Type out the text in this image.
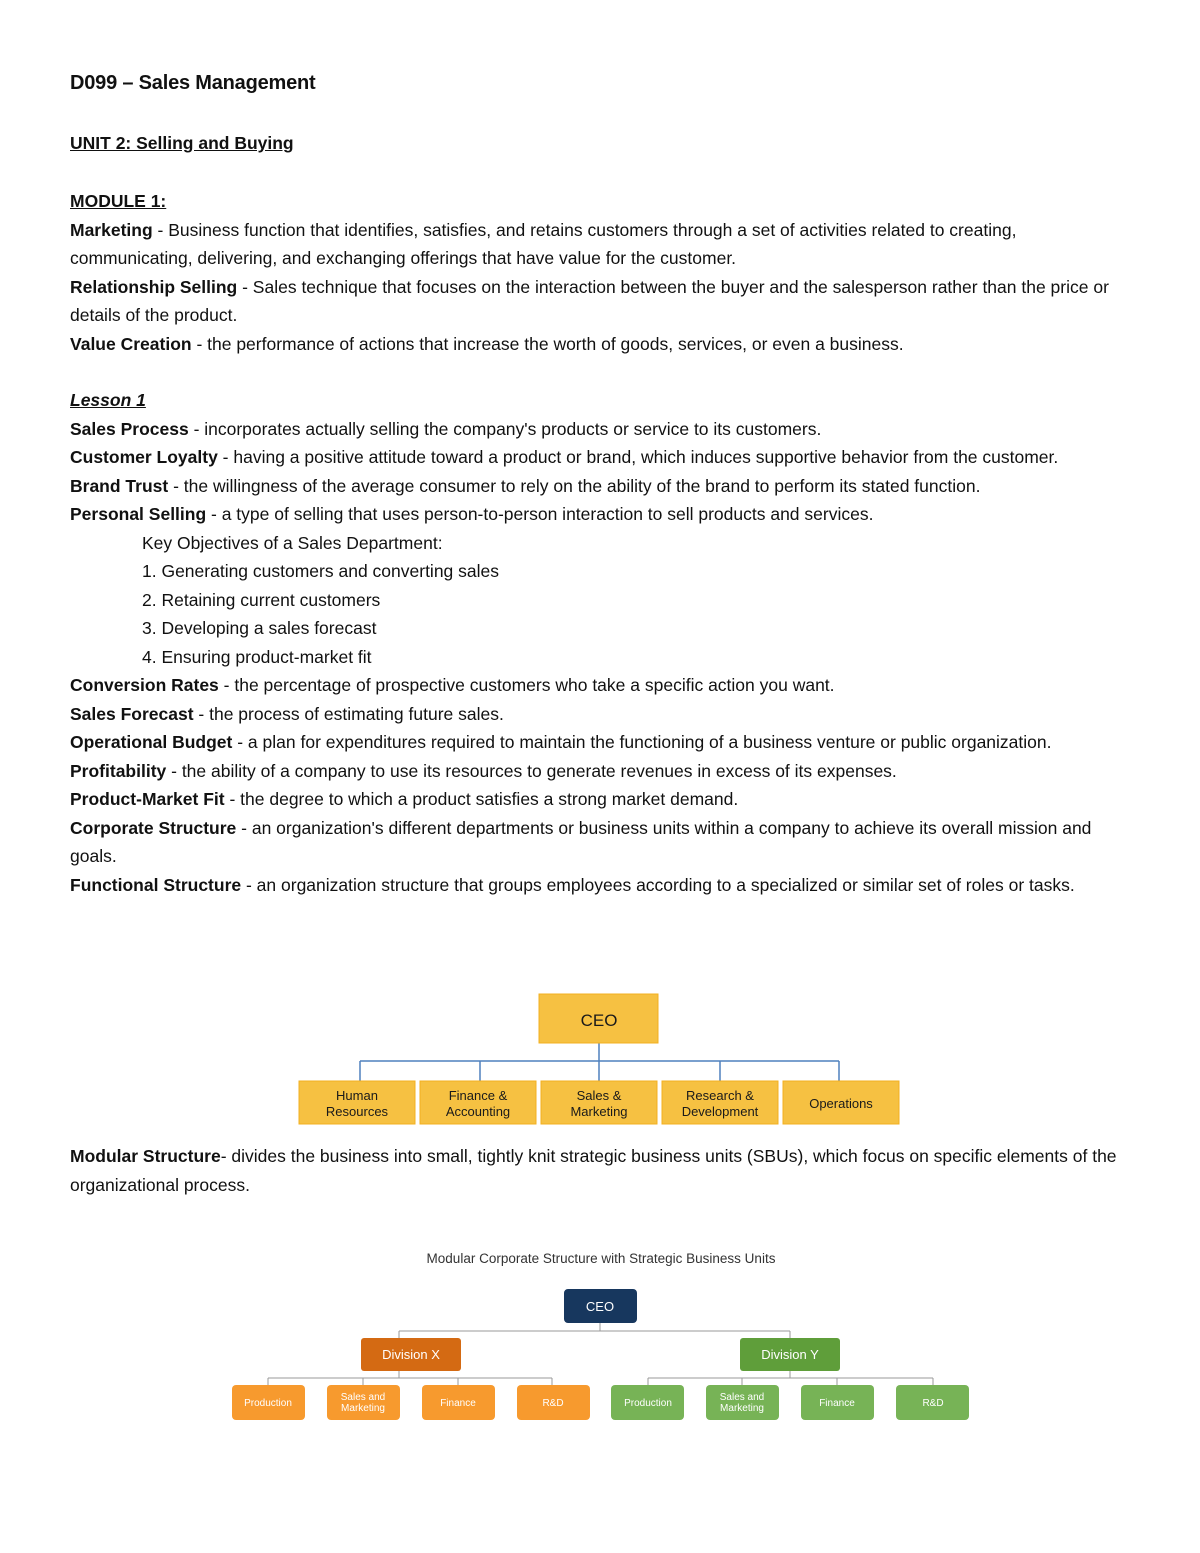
D099 – Sales Management
UNIT 2: Selling and Buying

MODULE 1:

Marketing - Business function that identifies, satisfies, and retains customers through a set of activities related to creating, communicating, delivering, and exchanging offerings that have value for the customer.

Relationship Selling - Sales technique that focuses on the interaction between the buyer and the salesperson rather than the price or details of the product.

Value Creation - the performance of actions that increase the worth of goods, services, or even a business.

Lesson 1

Sales Process - incorporates actually selling the company's products or service to its customers.

Customer Loyalty - having a positive attitude toward a product or brand, which induces supportive behavior from the customer.

Brand Trust - the willingness of the average consumer to rely on the ability of the brand to perform its stated function.

Personal Selling - a type of selling that uses person-to-person interaction to sell products and services.

Key Objectives of a Sales Department:

1. Generating customers and converting sales

2. Retaining current customers

3. Developing a sales forecast

4. Ensuring product-market fit

Conversion Rates - the percentage of prospective customers who take a specific action you want.

Sales Forecast - the process of estimating future sales.

Operational Budget - a plan for expenditures required to maintain the functioning of a business venture or public organization.

Profitability - the ability of a company to use its resources to generate revenues in excess of its expenses.

Product-Market Fit - the degree to which a product satisfies a strong market demand.

Corporate Structure - an organization's different departments or business units within a company to achieve its overall mission and goals.

Functional Structure - an organization structure that groups employees according to a specialized or similar set of roles or tasks.

CEO
Human
Resources
Finance &
Accounting
Sales &
Marketing
Research &
Development
Operations

Modular Structure- divides the business into small, tightly knit strategic business units (SBUs), which focus on specific elements of the organizational process.

Modular Corporate Structure with Strategic Business Units
CEO
Division X	Division Y
Production
Sales and
Marketing	Finance	R&D	Production
Sales and
Marketing	Finance	R&D
